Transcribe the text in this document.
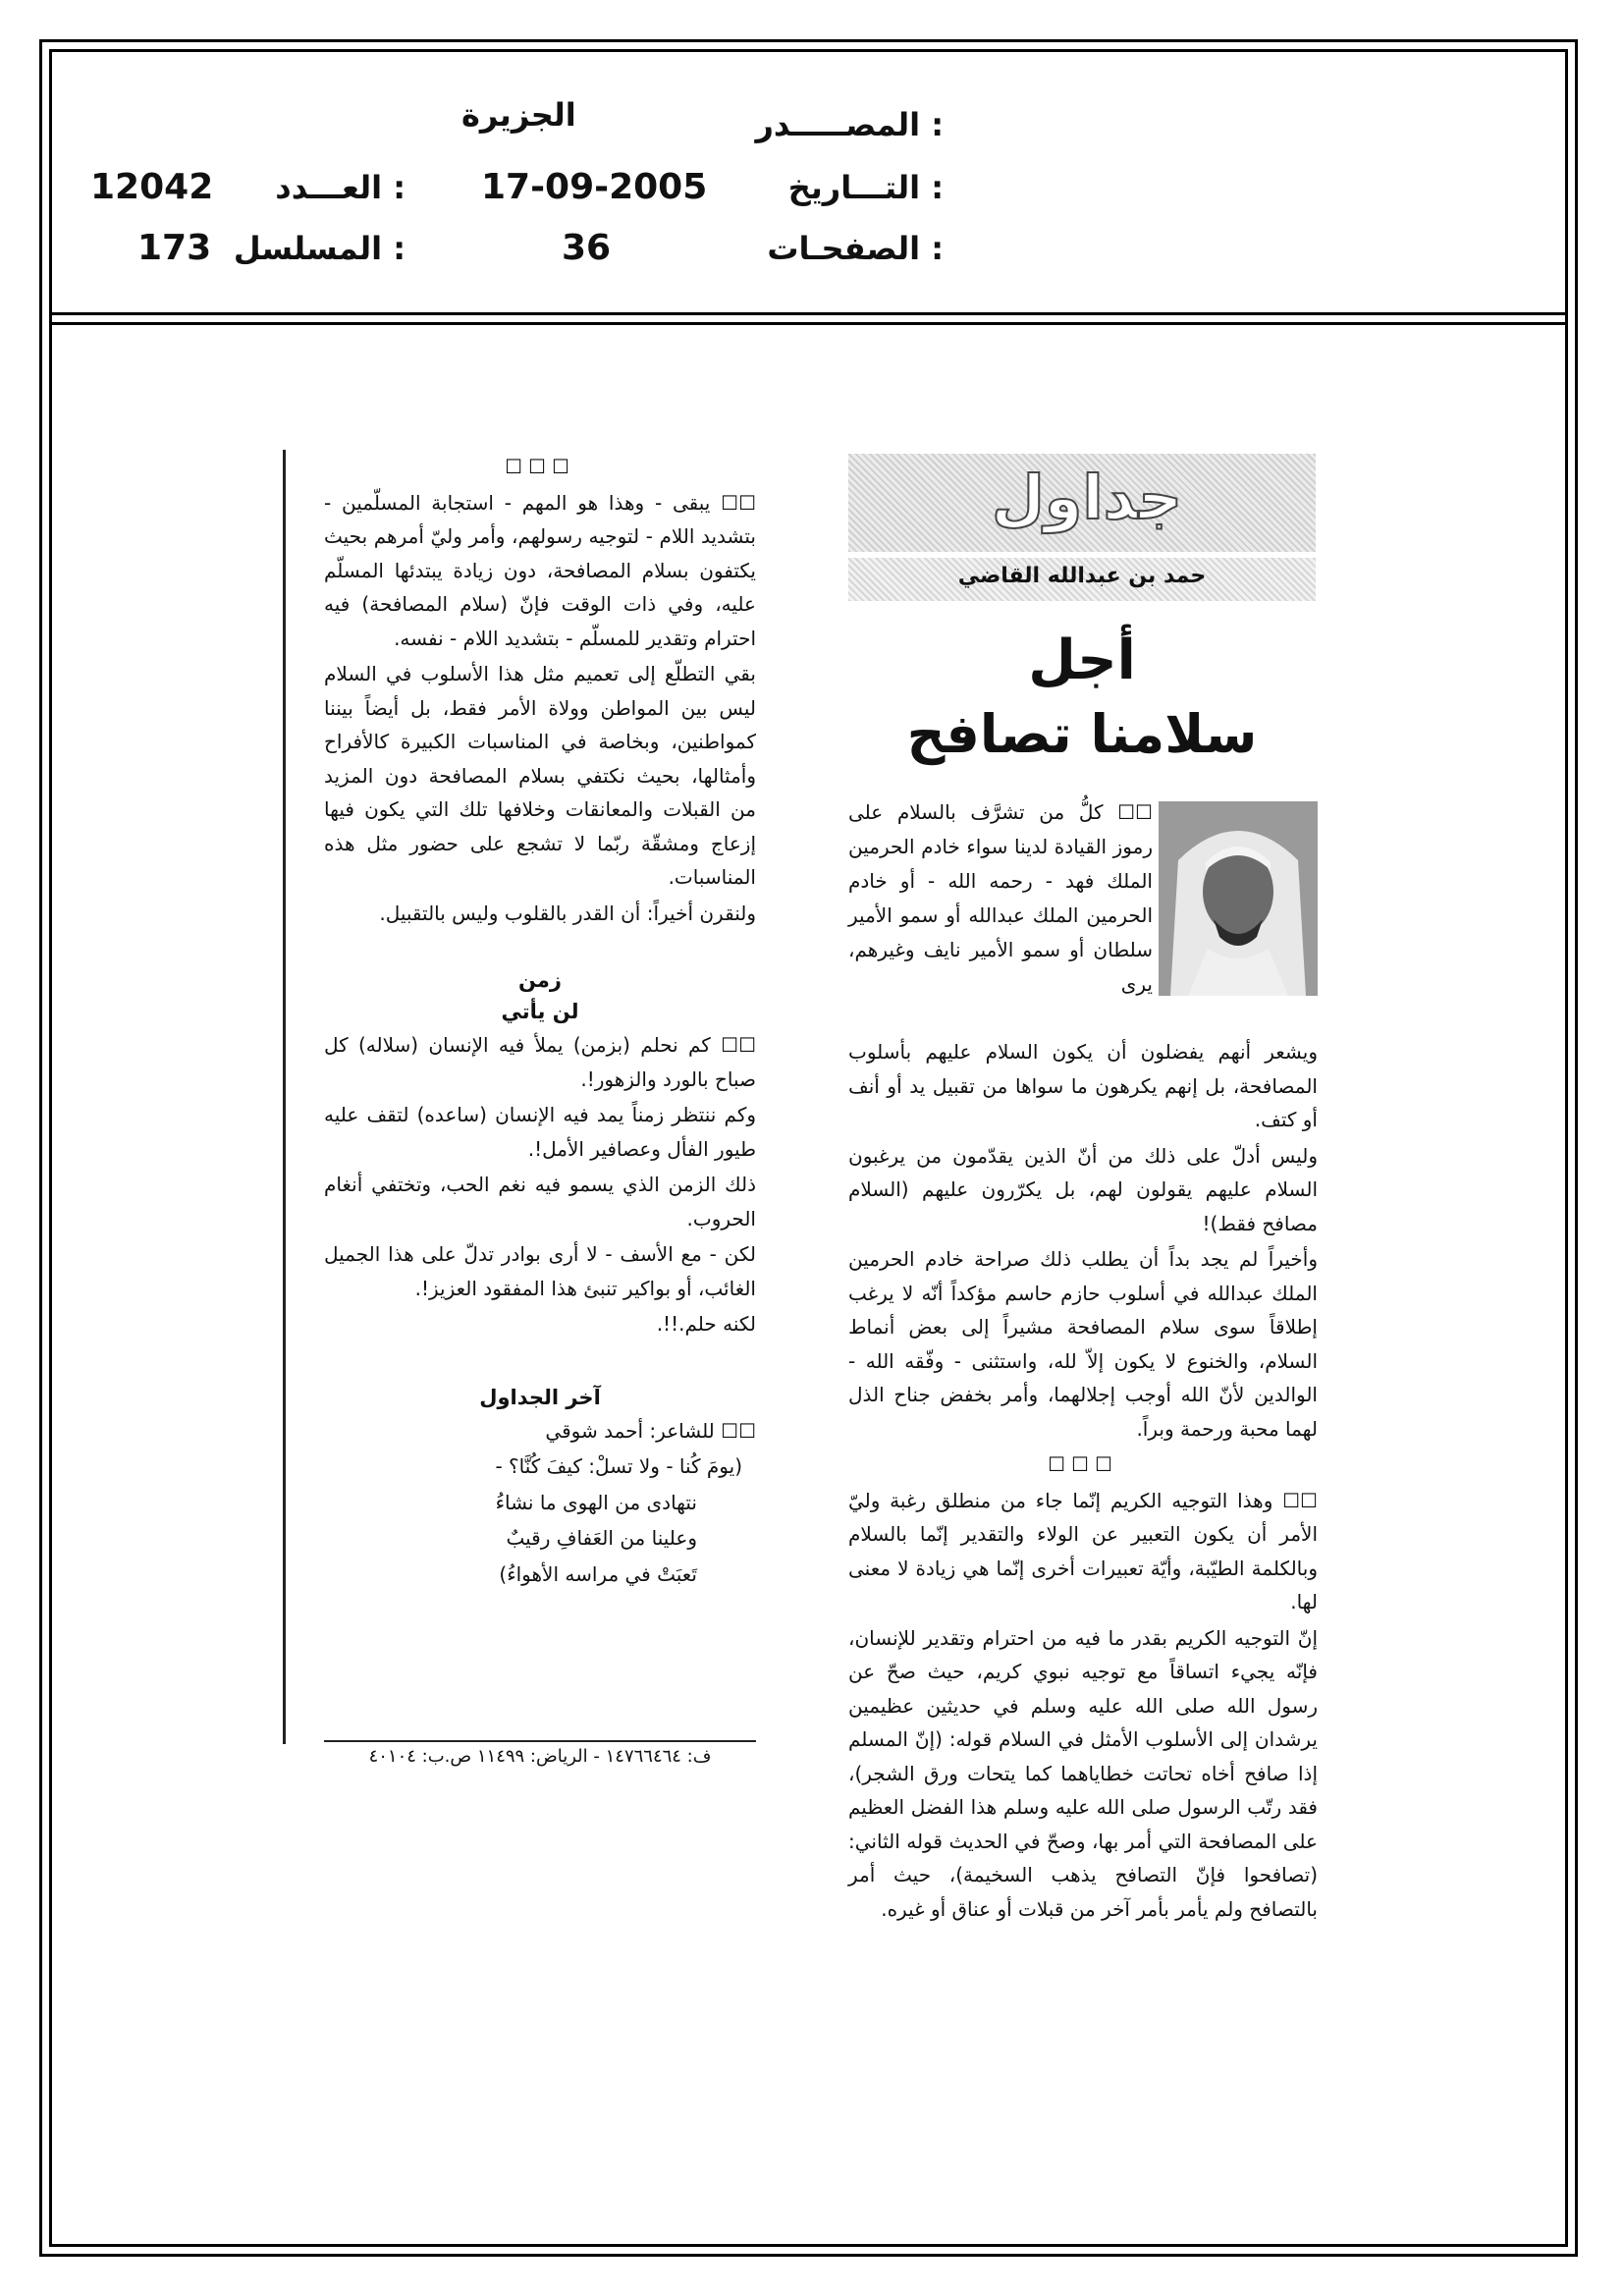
المصـــــدر :
الجزيرة
التـــاريخ :
17-09-2005
العـــدد :
12042
الصفحـات :
36
المسلسل :
173
جداول
حمد بن عبدالله القاضي
أجل
سلامنا تصافح

☐☐ كلُّ من تشرَّف بالسلام على رموز القيادة لدينا سواء خادم الحرمين الملك فهد - رحمه الله - أو خادم الحرمين الملك عبدالله أو سمو الأمير سلطان أو سمو الأمير نايف وغيرهم، يرى

ويشعر أنهم يفضلون أن يكون السلام عليهم بأسلوب المصافحة، بل إنهم يكرهون ما سواها من تقبيل يد أو أنف أو كتف.

وليس أدلّ على ذلك من أنّ الذين يقدّمون من يرغبون السلام عليهم يقولون لهم، بل يكرّرون عليهم (السلام مصافح فقط)!

وأخيراً لم يجد بداً أن يطلب ذلك صراحة خادم الحرمين الملك عبدالله في أسلوب حازم حاسم مؤكداً أنّه لا يرغب إطلاقاً سوى سلام المصافحة مشيراً إلى بعض أنماط السلام، والخنوع لا يكون إلاّ لله، واستثنى - وفّقه الله - الوالدين لأنّ الله أوجب إجلالهما، وأمر بخفض جناح الذل لهما محبة ورحمة وبراً.

☐☐☐

☐☐ وهذا التوجيه الكريم إنّما جاء من منطلق رغبة وليّ الأمر أن يكون التعبير عن الولاء والتقدير إنّما بالسلام وبالكلمة الطيّبة، وأيّة تعبيرات أخرى إنّما هي زيادة لا معنى لها.

إنّ التوجيه الكريم بقدر ما فيه من احترام وتقدير للإنسان، فإنّه يجيء اتساقاً مع توجيه نبوي كريم، حيث صحّ عن رسول الله صلى الله عليه وسلم في حديثين عظيمين يرشدان إلى الأسلوب الأمثل في السلام قوله: (إنّ المسلم إذا صافح أخاه تحاتت خطاياهما كما يتحات ورق الشجر)، فقد رتّب الرسول صلى الله عليه وسلم هذا الفضل العظيم على المصافحة التي أمر بها، وصحّ في الحديث قوله الثاني: (تصافحوا فإنّ التصافح يذهب السخيمة)، حيث أمر بالتصافح ولم يأمر بأمر آخر من قبلات أو عناق أو غيره.

☐☐☐

☐☐ يبقى - وهذا هو المهم - استجابة المسلّمين - بتشديد اللام - لتوجيه رسولهم، وأمر وليّ أمرهم بحيث يكتفون بسلام المصافحة، دون زيادة يبتدئها المسلّم عليه، وفي ذات الوقت فإنّ (سلام المصافحة) فيه احترام وتقدير للمسلّم - بتشديد اللام - نفسه.

بقي التطلّع إلى تعميم مثل هذا الأسلوب في السلام ليس بين المواطن وولاة الأمر فقط، بل أيضاً بيننا كمواطنين، وبخاصة في المناسبات الكبيرة كالأفراح وأمثالها، بحيث نكتفي بسلام المصافحة دون المزيد من القبلات والمعانقات وخلافها تلك التي يكون فيها إزعاج ومشقّة ربّما لا تشجع على حضور مثل هذه المناسبات.

ولنقرن أخيراً: أن القدر بالقلوب وليس بالتقبيل.

زمن

لن يأتي

☐☐ كم نحلم (بزمن) يملأ فيه الإنسان (سلاله) كل صباح بالورد والزهور!.

وكم ننتظر زمناً يمد فيه الإنسان (ساعده) لتقف عليه طيور الفأل وعصافير الأمل!.

ذلك الزمن الذي يسمو فيه نغم الحب، وتختفي أنغام الحروب.

لكن - مع الأسف - لا أرى بوادر تدلّ على هذا الجميل الغائب، أو بواكير تنبئ هذا المفقود العزيز!.

لكنه حلم.!!.

آخر الجداول

☐☐ للشاعر: أحمد شوقي

(يومَ كُنا - ولا تسلْ: كيفَ كُنَّا؟ -

نتهادى من الهوى ما نشاءُ

وعلينا من العَفافِ رقيبٌ

تَعبَتْ في مراسه الأهواءُ)

ف: ١٤٧٦٦٤٦٤ - الرياض: ١١٤٩٩ ص.ب: ٤٠١٠٤
